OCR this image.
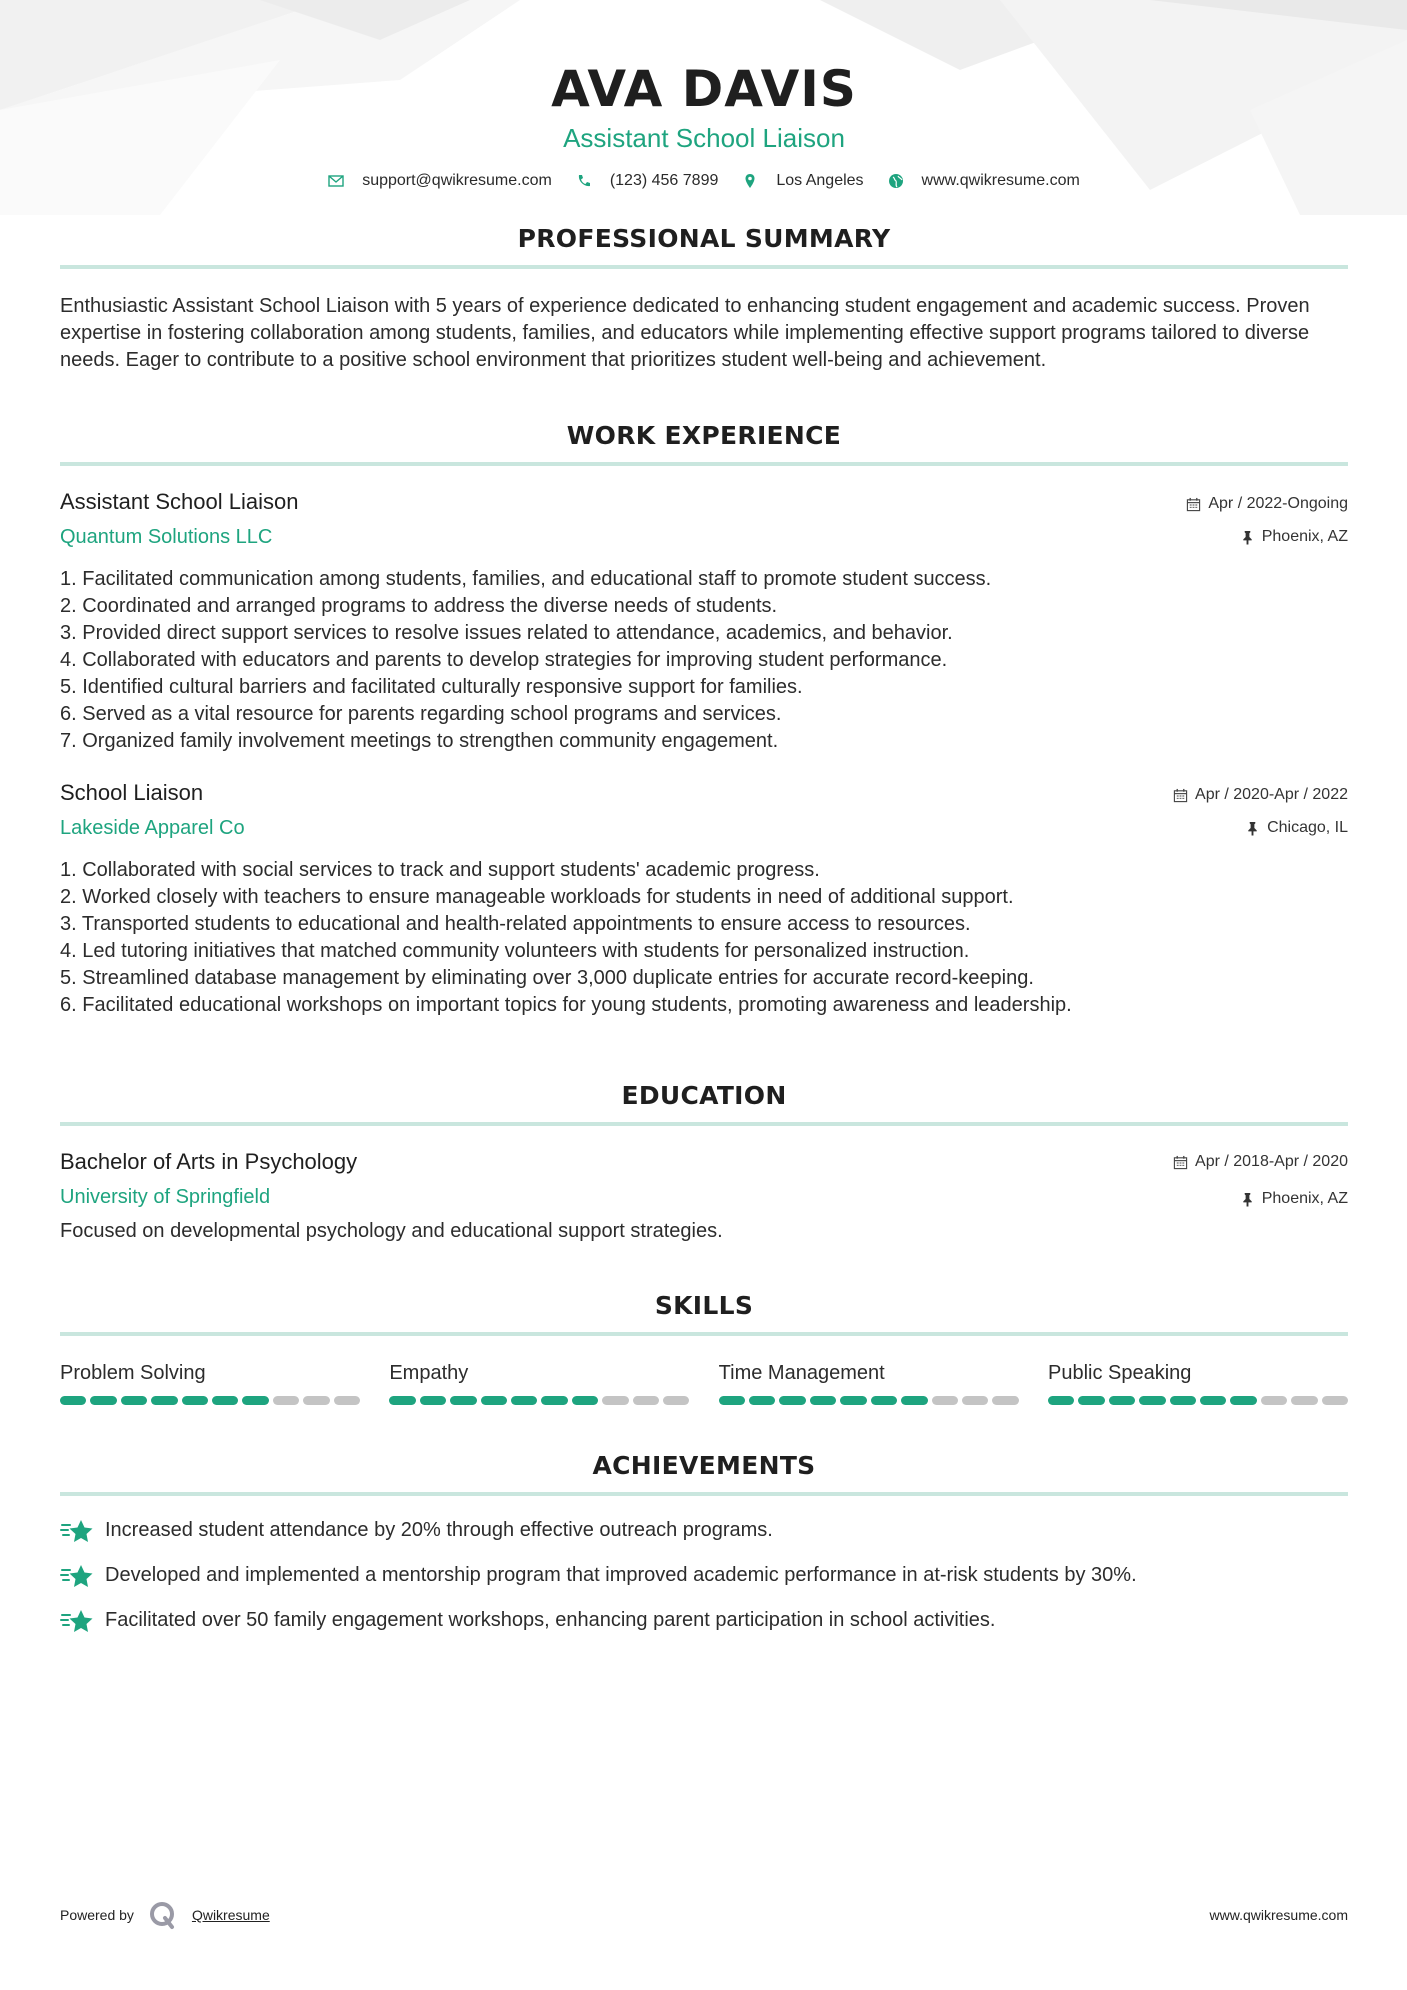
AVA DAVIS
Assistant School Liaison
support@qwikresume.com	(123) 456 7899	Los Angeles	www.qwikresume.com
PROFESSIONAL SUMMARY

Enthusiastic Assistant School Liaison with 5 years of experience dedicated to enhancing student engagement and academic success. Proven expertise in fostering collaboration among students, families, and educators while implementing effective support programs tailored to diverse needs. Eager to contribute to a positive school environment that prioritizes student well-being and achievement.

WORK EXPERIENCE
Assistant School Liaison
Quantum Solutions LLC
Apr / 2022-Ongoing
Phoenix, AZ
1. Facilitated communication among students, families, and educational staff to promote student success.
2. Coordinated and arranged programs to address the diverse needs of students.
3. Provided direct support services to resolve issues related to attendance, academics, and behavior.
4. Collaborated with educators and parents to develop strategies for improving student performance.
5. Identified cultural barriers and facilitated culturally responsive support for families.
6. Served as a vital resource for parents regarding school programs and services.
7. Organized family involvement meetings to strengthen community engagement.
School Liaison
Lakeside Apparel Co
Apr / 2020-Apr / 2022
Chicago, IL
1. Collaborated with social services to track and support students' academic progress.
2. Worked closely with teachers to ensure manageable workloads for students in need of additional support.
3. Transported students to educational and health-related appointments to ensure access to resources.
4. Led tutoring initiatives that matched community volunteers with students for personalized instruction.
5. Streamlined database management by eliminating over 3,000 duplicate entries for accurate record-keeping.
6. Facilitated educational workshops on important topics for young students, promoting awareness and leadership.
EDUCATION
Bachelor of Arts in Psychology
University of Springfield
Apr / 2018-Apr / 2020
Phoenix, AZ

Focused on developmental psychology and educational support strategies.

SKILLS
Problem Solving	Empathy	Time Management	Public Speaking
ACHIEVEMENTS
Increased student attendance by 20% through effective outreach programs.
Developed and implemented a mentorship program that improved academic performance in at-risk students by 30%.
Facilitated over 50 family engagement workshops, enhancing parent participation in school activities.
Powered by	Qwikresume	www.qwikresume.com
